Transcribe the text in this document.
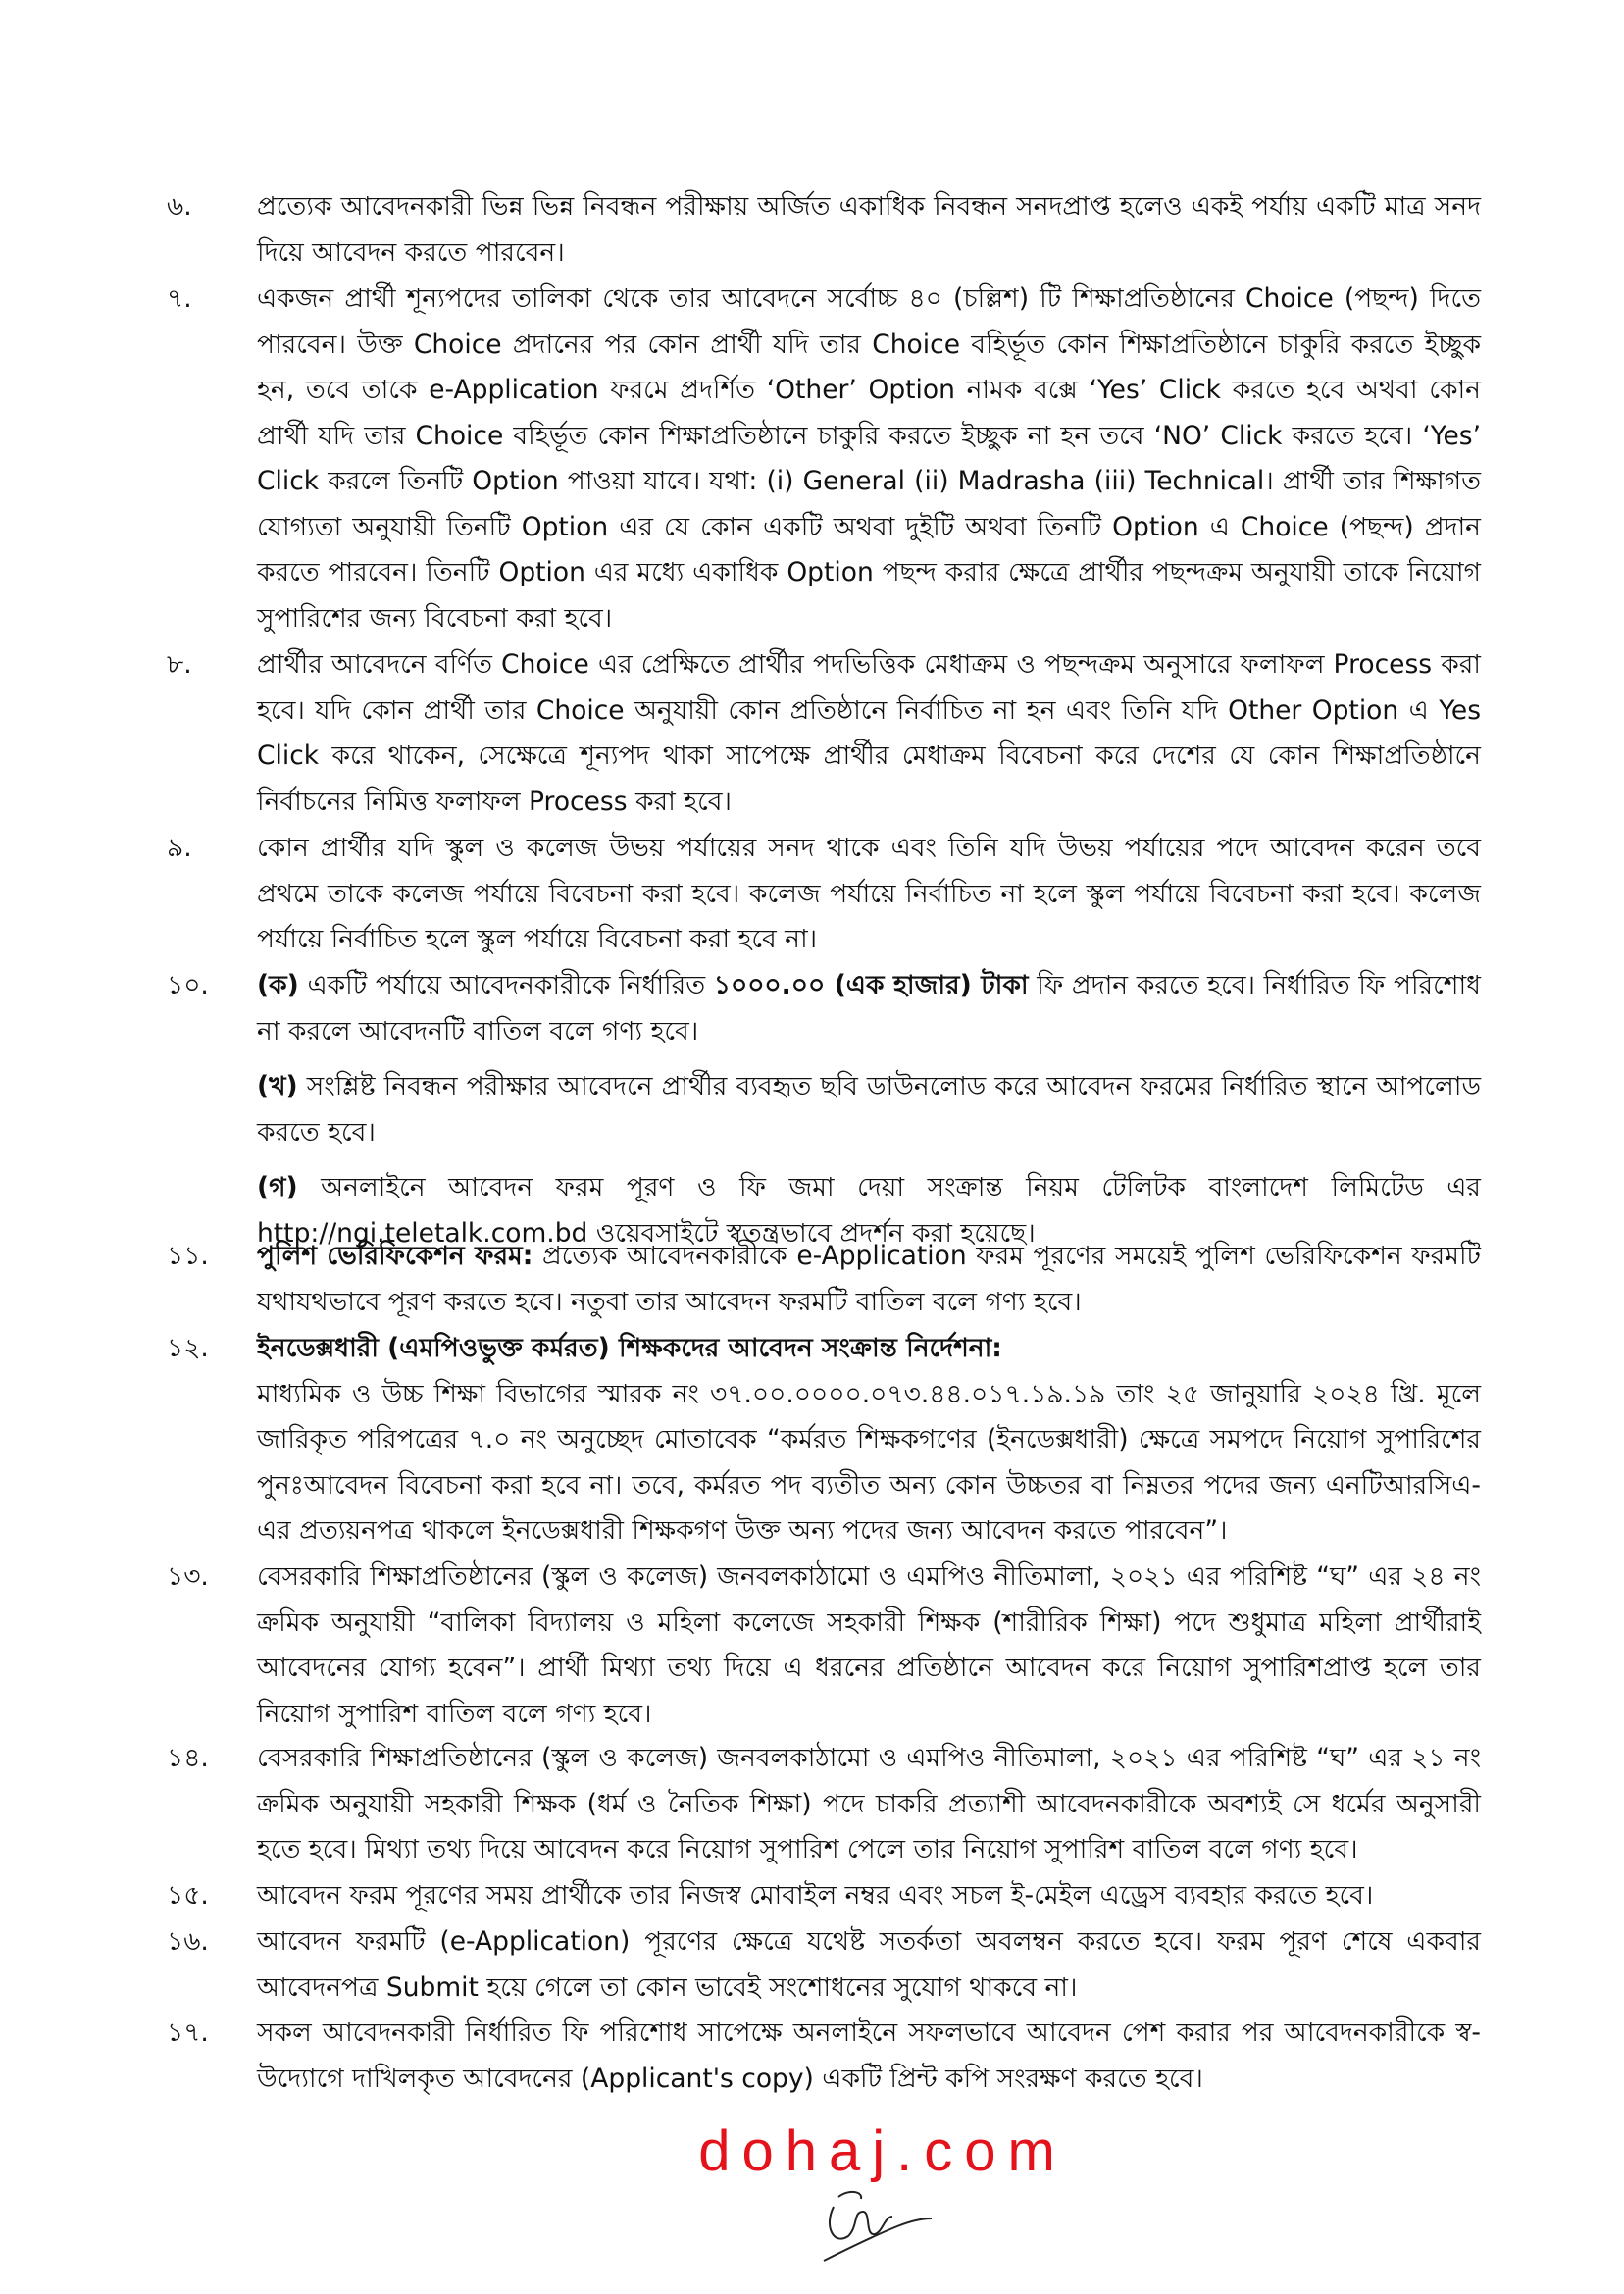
৬.	প্রত্যেক আবেদনকারী ভিন্ন ভিন্ন নিবন্ধন পরীক্ষায় অর্জিত একাধিক নিবন্ধন সনদপ্রাপ্ত হলেও একই পর্যায় একটি মাত্র সনদ দিয়ে আবেদন করতে পারবেন।

৭.	একজন প্রার্থী শূন্যপদের তালিকা থেকে তার আবেদনে সর্বোচ্চ ৪০ (চল্লিশ) টি শিক্ষাপ্রতিষ্ঠানের Choice (পছন্দ) দিতে পারবেন। উক্ত Choice প্রদানের পর কোন প্রার্থী যদি তার Choice বহির্ভূত কোন শিক্ষাপ্রতিষ্ঠানে চাকুরি করতে ইচ্ছুক হন, তবে তাকে e-Application ফরমে প্রদর্শিত ‘Other’ Option নামক বক্সে ‘Yes’ Click করতে হবে অথবা কোন প্রার্থী যদি তার Choice বহির্ভূত কোন শিক্ষাপ্রতিষ্ঠানে চাকুরি করতে ইচ্ছুক না হন তবে ‘NO’ Click করতে হবে। ‘Yes’ Click করলে তিনটি Option পাওয়া যাবে। যথা: (i) General (ii) Madrasha (iii) Technical। প্রার্থী তার শিক্ষাগত যোগ্যতা অনুযায়ী তিনটি Option এর যে কোন একটি অথবা দুইটি অথবা তিনটি Option এ Choice (পছন্দ) প্রদান করতে পারবেন। তিনটি Option এর মধ্যে একাধিক Option পছন্দ করার ক্ষেত্রে প্রার্থীর পছন্দক্রম অনুযায়ী তাকে নিয়োগ সুপারিশের জন্য বিবেচনা করা হবে।

৮.	প্রার্থীর আবেদনে বর্ণিত Choice এর প্রেক্ষিতে প্রার্থীর পদভিত্তিক মেধাক্রম ও পছন্দক্রম অনুসারে ফলাফল Process করা হবে। যদি কোন প্রার্থী তার Choice অনুযায়ী কোন প্রতিষ্ঠানে নির্বাচিত না হন এবং তিনি যদি Other Option এ Yes Click করে থাকেন, সেক্ষেত্রে শূন্যপদ থাকা সাপেক্ষে প্রার্থীর মেধাক্রম বিবেচনা করে দেশের যে কোন শিক্ষাপ্রতিষ্ঠানে নির্বাচনের নিমিত্ত ফলাফল Process করা হবে।

৯.	কোন প্রার্থীর যদি স্কুল ও কলেজ উভয় পর্যায়ের সনদ থাকে এবং তিনি যদি উভয় পর্যায়ের পদে আবেদন করেন তবে প্রথমে তাকে কলেজ পর্যায়ে বিবেচনা করা হবে। কলেজ পর্যায়ে নির্বাচিত না হলে স্কুল পর্যায়ে বিবেচনা করা হবে। কলেজ পর্যায়ে নির্বাচিত হলে স্কুল পর্যায়ে বিবেচনা করা হবে না।

১০.	(ক) একটি পর্যায়ে আবেদনকারীকে নির্ধারিত ১০০০.০০ (এক হাজার) টাকা ফি প্রদান করতে হবে। নির্ধারিত ফি পরিশোধ না করলে আবেদনটি বাতিল বলে গণ্য হবে।

(খ) সংশ্লিষ্ট নিবন্ধন পরীক্ষার আবেদনে প্রার্থীর ব্যবহৃত ছবি ডাউনলোড করে আবেদন ফরমের নির্ধারিত স্থানে আপলোড করতে হবে।

(গ) অনলাইনে আবেদন ফরম পূরণ ও ফি জমা দেয়া সংক্রান্ত নিয়ম টেলিটক বাংলাদেশ লিমিটেড এর http://ngi.teletalk.com.bd ওয়েবসাইটে স্বতন্ত্রভাবে প্রদর্শন করা হয়েছে।

১১.	পুলিশ ভেরিফিকেশন ফরম: প্রত্যেক আবেদনকারীকে e-Application ফরম পূরণের সময়েই পুলিশ ভেরিফিকেশন ফরমটি যথাযথভাবে পূরণ করতে হবে। নতুবা তার আবেদন ফরমটি বাতিল বলে গণ্য হবে।

১২.	ইনডেক্সধারী (এমপিওভুক্ত কর্মরত) শিক্ষকদের আবেদন সংক্রান্ত নির্দেশনা:

মাধ্যমিক ও উচ্চ শিক্ষা বিভাগের স্মারক নং ৩৭.০০.০০০০.০৭৩.৪৪.০১৭.১৯.১৯ তাং ২৫ জানুয়ারি ২০২৪ খ্রি. মূলে জারিকৃত পরিপত্রের ৭.০ নং অনুচ্ছেদ মোতাবেক “কর্মরত শিক্ষকগণের (ইনডেক্সধারী) ক্ষেত্রে সমপদে নিয়োগ সুপারিশের পুনঃআবেদন বিবেচনা করা হবে না। তবে, কর্মরত পদ ব্যতীত অন্য কোন উচ্চতর বা নিম্নতর পদের জন্য এনটিআরসিএ-এর প্রত্যয়নপত্র থাকলে ইনডেক্সধারী শিক্ষকগণ উক্ত অন্য পদের জন্য আবেদন করতে পারবেন”।

১৩.	বেসরকারি শিক্ষাপ্রতিষ্ঠানের (স্কুল ও কলেজ) জনবলকাঠামো ও এমপিও নীতিমালা, ২০২১ এর পরিশিষ্ট “ঘ” এর ২৪ নং ক্রমিক অনুযায়ী “বালিকা বিদ্যালয় ও মহিলা কলেজে সহকারী শিক্ষক (শারীরিক শিক্ষা) পদে শুধুমাত্র মহিলা প্রার্থীরাই আবেদনের যোগ্য হবেন”। প্রার্থী মিথ্যা তথ্য দিয়ে এ ধরনের প্রতিষ্ঠানে আবেদন করে নিয়োগ সুপারিশপ্রাপ্ত হলে তার নিয়োগ সুপারিশ বাতিল বলে গণ্য হবে।

১৪.	বেসরকারি শিক্ষাপ্রতিষ্ঠানের (স্কুল ও কলেজ) জনবলকাঠামো ও এমপিও নীতিমালা, ২০২১ এর পরিশিষ্ট “ঘ” এর ২১ নং ক্রমিক অনুযায়ী সহকারী শিক্ষক (ধর্ম ও নৈতিক শিক্ষা) পদে চাকরি প্রত্যাশী আবেদনকারীকে অবশ্যই সে ধর্মের অনুসারী হতে হবে। মিথ্যা তথ্য দিয়ে আবেদন করে নিয়োগ সুপারিশ পেলে তার নিয়োগ সুপারিশ বাতিল বলে গণ্য হবে।

১৫.	আবেদন ফরম পূরণের সময় প্রার্থীকে তার নিজস্ব মোবাইল নম্বর এবং সচল ই-মেইল এড্রেস ব্যবহার করতে হবে।

১৬.	আবেদন ফরমটি (e-Application) পূরণের ক্ষেত্রে যথেষ্ট সতর্কতা অবলম্বন করতে হবে। ফরম পূরণ শেষে একবার আবেদনপত্র Submit হয়ে গেলে তা কোন ভাবেই সংশোধনের সুযোগ থাকবে না।

১৭.	সকল আবেদনকারী নির্ধারিত ফি পরিশোধ সাপেক্ষে অনলাইনে সফলভাবে আবেদন পেশ করার পর আবেদনকারীকে স্ব-উদ্যোগে দাখিলকৃত আবেদনের (Applicant's copy) একটি প্রিন্ট কপি সংরক্ষণ করতে হবে।

dohaj.com
